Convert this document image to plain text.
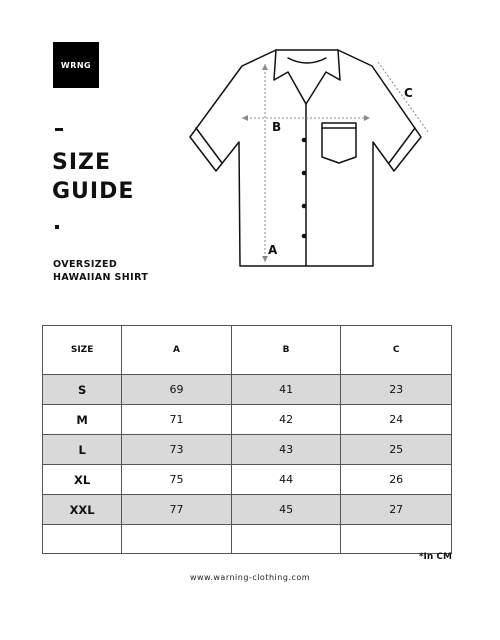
WRNG
SIZE
GUIDE

OVERSIZED
HAWAIIAN SHIRT

A
B
C
SIZE	A	B	C
S	69	41	23
M	71	42	24
L	73	43	25
XL	75	44	26
XXL	77	45	27

*In CM
www.warning-clothing.com
